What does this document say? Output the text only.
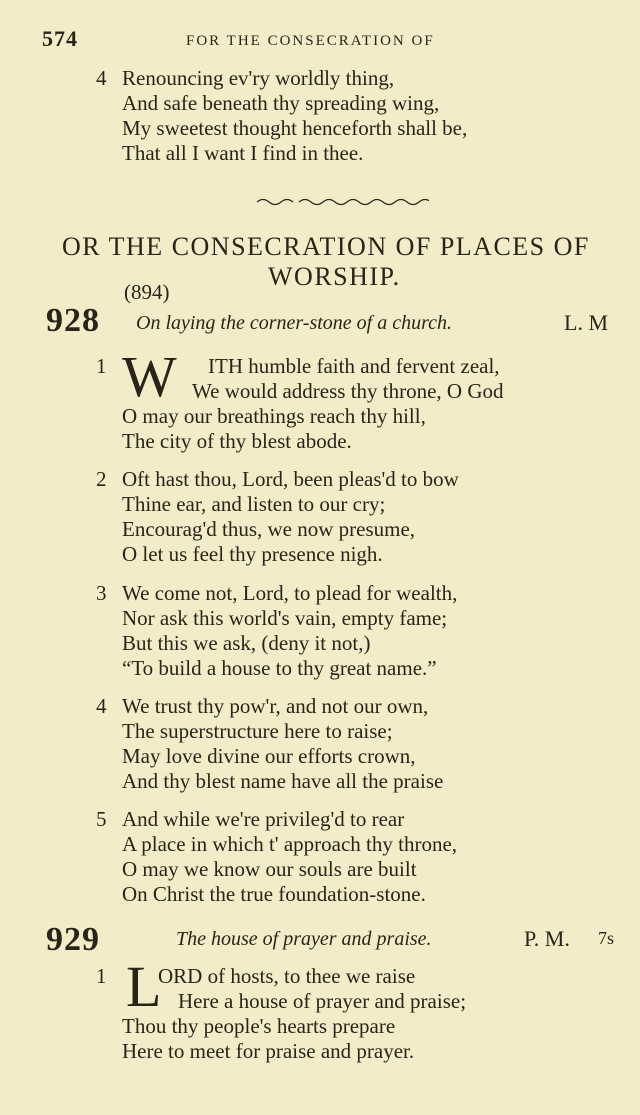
574	FOR THE CONSECRATION OF
4 Renouncing ev'ry worldly thing,
And safe beneath thy spreading wing,
My sweetest thought henceforth shall be,
That all I want I find in thee.
OR THE CONSECRATION OF PLACES OF
WORSHIP.
(894)
928 On laying the corner-stone of a church.	L. M
1 W ITH humble faith and fervent zeal,
We would address thy throne, O God
O may our breathings reach thy hill,
The city of thy blest abode.
2 Oft hast thou, Lord, been pleas'd to bow
Thine ear, and listen to our cry;
Encourag'd thus, we now presume,
O let us feel thy presence nigh.
3 We come not, Lord, to plead for wealth,
Nor ask this world's vain, empty fame;
But this we ask, (deny it not,)
“To build a house to thy great name.”
4 We trust thy pow'r, and not our own,
The superstructure here to raise;
May love divine our efforts crown,
And thy blest name have all the praise
5 And while we're privileg'd to rear
A place in which t' approach thy throne,
O may we know our souls are built
On Christ the true foundation-stone.
929	The house of prayer and praise.	P. M. 7s
1 L
ORD of hosts, to thee we raise
Here a house of prayer and praise;
Thou thy people's hearts prepare
Here to meet for praise and prayer.
